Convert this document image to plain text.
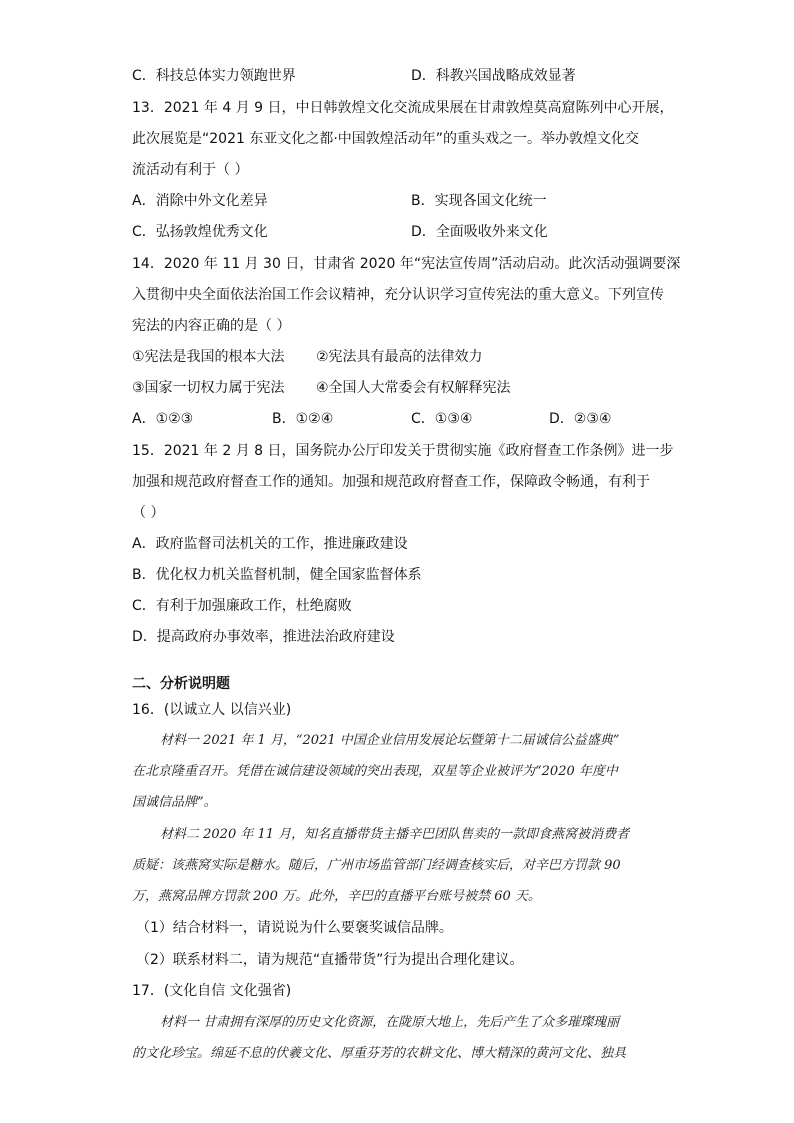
C．科技总体实力领跑世界	D．科教兴国战略成效显著
13．2021 年 4 月 9 日，中日韩敦煌文化交流成果展在甘肃敦煌莫高窟陈列中心开展，
此次展览是“2021 东亚文化之都·中国敦煌活动年”的重头戏之一。举办敦煌文化交
流活动有利于（ ）
A．消除中外文化差异	B．实现各国文化统一
C．弘扬敦煌优秀文化	D．全面吸收外来文化
14．2020 年 11 月 30 日，甘肃省 2020 年“宪法宣传周”活动启动。此次活动强调要深
入贯彻中央全面依法治国工作会议精神，充分认识学习宣传宪法的重大意义。下列宣传
宪法的内容正确的是（ ）
①宪法是我国的根本大法 ②宪法具有最高的法律效力
③国家一切权力属于宪法 ④全国人大常委会有权解释宪法
A．①②③	B．①②④	C．①③④	D．②③④
15．2021 年 2 月 8 日，国务院办公厅印发关于贯彻实施《政府督查工作条例》进一步
加强和规范政府督查工作的通知。加强和规范政府督查工作，保障政令畅通，有利于
（ ）
A．政府监督司法机关的工作，推进廉政建设
B．优化权力机关监督机制，健全国家监督体系
C．有利于加强廉政工作，杜绝腐败
D．提高政府办事效率，推进法治政府建设
二、分析说明题
16．(以诚立人 以信兴业)
材料一 2021 年 1 月，“2021 中国企业信用发展论坛暨第十二届诚信公益盛典”
在北京隆重召开。凭借在诚信建设领域的突出表现，双星等企业被评为“2020 年度中
国诚信品牌”。
材料二 2020 年 11 月，知名直播带货主播辛巴团队售卖的一款即食燕窝被消费者
质疑：该燕窝实际是糖水。随后，广州市场监管部门经调查核实后，对辛巴方罚款 90
万，燕窝品牌方罚款 200 万。此外，辛巴的直播平台账号被禁 60 天。
（1）结合材料一，请说说为什么要褒奖诚信品牌。
（2）联系材料二，请为规范“直播带货”行为提出合理化建议。
17．(文化自信 文化强省)
材料一 甘肃拥有深厚的历史文化资源，在陇原大地上，先后产生了众多璀璨瑰丽
的文化珍宝。绵延不息的伏羲文化、厚重芬芳的农耕文化、博大精深的黄河文化、独具
